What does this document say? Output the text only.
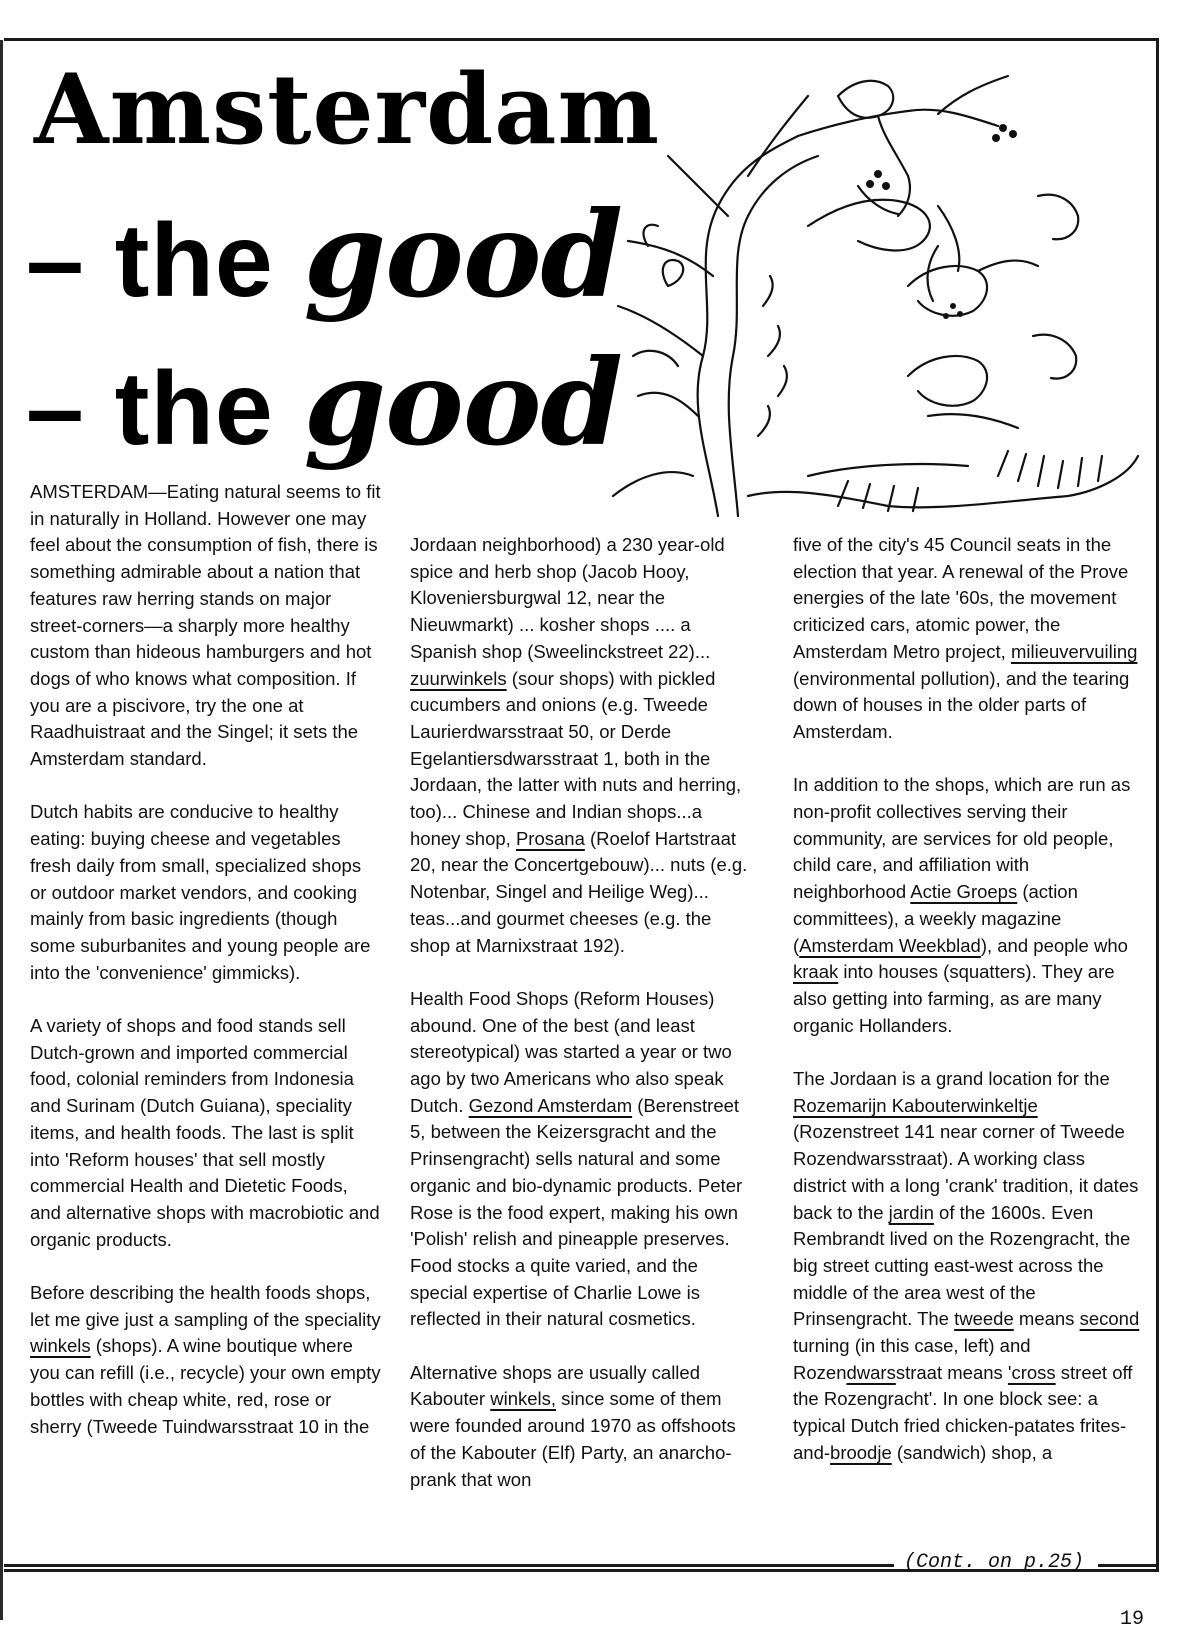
Amsterdam
– the good
– the good

AMSTERDAM—Eating natural seems to fit in naturally in Holland. However one may feel about the consumption of fish, there is something admirable about a nation that features raw herring stands on major street-corners—a sharply more healthy custom than hideous hamburgers and hot dogs of who knows what composition. If you are a piscivore, try the one at Raadhuistraat and the Singel; it sets the Amsterdam standard.

Dutch habits are conducive to healthy eating: buying cheese and vegetables fresh daily from small, specialized shops or outdoor market vendors, and cooking mainly from basic ingredients (though some suburbanites and young people are into the 'convenience' gimmicks).

A variety of shops and food stands sell Dutch-grown and imported commercial food, colonial reminders from Indonesia and Surinam (Dutch Guiana), speciality items, and health foods. The last is split into 'Reform houses' that sell mostly commercial Health and Dietetic Foods, and alternative shops with macrobiotic and organic products.

Before describing the health foods shops, let me give just a sampling of the speciality winkels (shops). A wine boutique where you can refill (i.e., recycle) your own empty bottles with cheap white, red, rose or sherry (Tweede Tuindwarsstraat 10 in the

Jordaan neighborhood) a 230 year-old spice and herb shop (Jacob Hooy, Kloveniersburgwal 12, near the Nieuwmarkt) ... kosher shops .... a Spanish shop (Sweelinckstreet 22)... zuurwinkels (sour shops) with pickled cucumbers and onions (e.g. Tweede Laurierdwarsstraat 50, or Derde Egelantiersdwarsstraat 1, both in the Jordaan, the latter with nuts and herring, too)... Chinese and Indian shops...a honey shop, Prosana (Roelof Hartstraat 20, near the Concertgebouw)... nuts (e.g. Notenbar, Singel and Heilige Weg)... teas...and gourmet cheeses (e.g. the shop at Marnixstraat 192).

Health Food Shops (Reform Houses) abound. One of the best (and least stereotypical) was started a year or two ago by two Americans who also speak Dutch. Gezond Amsterdam (Berenstreet 5, between the Keizersgracht and the Prinsengracht) sells natural and some organic and bio-dynamic products. Peter Rose is the food expert, making his own 'Polish' relish and pineapple preserves. Food stocks a quite varied, and the special expertise of Charlie Lowe is reflected in their natural cosmetics.

Alternative shops are usually called Kabouter winkels, since some of them were founded around 1970 as offshoots of the Kabouter (Elf) Party, an anarcho-prank that won

five of the city's 45 Council seats in the election that year. A renewal of the Prove energies of the late '60s, the movement criticized cars, atomic power, the Amsterdam Metro project, milieuvervuiling (environmental pollution), and the tearing down of houses in the older parts of Amsterdam.

In addition to the shops, which are run as non-profit collectives serving their community, are services for old people, child care, and affiliation with neighborhood Actie Groeps (action committees), a weekly magazine (Amsterdam Weekblad), and people who kraak into houses (squatters). They are also getting into farming, as are many organic Hollanders.

The Jordaan is a grand location for the Rozemarijn Kabouterwinkeltje (Rozenstreet 141 near corner of Tweede Rozendwarsstraat). A working class district with a long 'crank' tradition, it dates back to the jardin of the 1600s. Even Rembrandt lived on the Rozengracht, the big street cutting east-west across the middle of the area west of the Prinsengracht. The tweede means second turning (in this case, left) and Rozendwarsstraat means 'cross street off the Rozengracht'. In one block see: a typical Dutch fried chicken-patates frites-and-broodje (sandwich) shop, a

(Cont. on p.25)
19
